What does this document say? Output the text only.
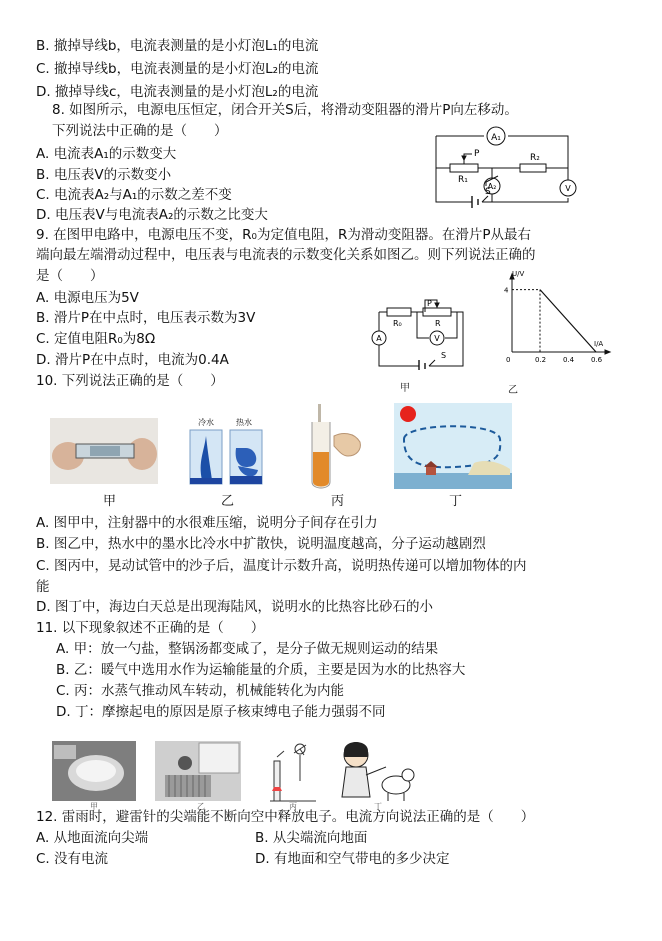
B. 撤掉导线b，电流表测量的是小灯泡L₁的电流
C. 撤掉导线b，电流表测量的是小灯泡L₂的电流
D. 撤掉导线c，电流表测量的是小灯泡L₂的电流
8. 如图所示，电源电压恒定，闭合开关S后，将滑动变阻器的滑片P向左移动。
下列说法中正确的是（　　）
A. 电流表A₁的示数变大
B. 电压表V的示数变小
C. 电流表A₂与A₁的示数之差不变
D. 电压表V与电流表A₂的示数之比变大
A₁
A₂	V
R₁
R₂
P
S
9. 在图甲电路中，电源电压不变，R₀为定值电阻，R为滑动变阻器。在滑片P从最右
端向最左端滑动过程中，电压表与电流表的示数变化关系如图乙。则下列说法正确的
是（　　）
A. 电源电压为5V
B. 滑片P在中点时，电压表示数为3V
C. 定值电阻R₀为8Ω
D. 滑片P在中点时，电流为0.4A
A	V
R₀	R
P
S
甲
0	0.2 0.4 0.6
4
U/V
I/A
乙
10. 下列说法正确的是（　　）
冷水	热水
甲	乙	丙	丁
A. 图甲中，注射器中的水很难压缩，说明分子间存在引力
B. 图乙中，热水中的墨水比冷水中扩散快，说明温度越高，分子运动越剧烈
C. 图丙中，晃动试管中的沙子后，温度计示数升高，说明热传递可以增加物体的内
能
D. 图丁中，海边白天总是出现海陆风，说明水的比热容比砂石的小
11. 以下现象叙述不正确的是（　　）
A. 甲：放一勺盐，整锅汤都变咸了，是分子做无规则运动的结果
B. 乙：暖气中选用水作为运输能量的介质，主要是因为水的比热容大
C. 丙：水蒸气推动风车转动，机械能转化为内能
D. 丁：摩擦起电的原因是原子核束缚电子能力强弱不同
甲	乙	丙	丁
12. 雷雨时，避雷针的尖端能不断向空中释放电子。电流方向说法正确的是（　　）
A. 从地面流向尖端	B. 从尖端流向地面
C. 没有电流	D. 有地面和空气带电的多少决定
